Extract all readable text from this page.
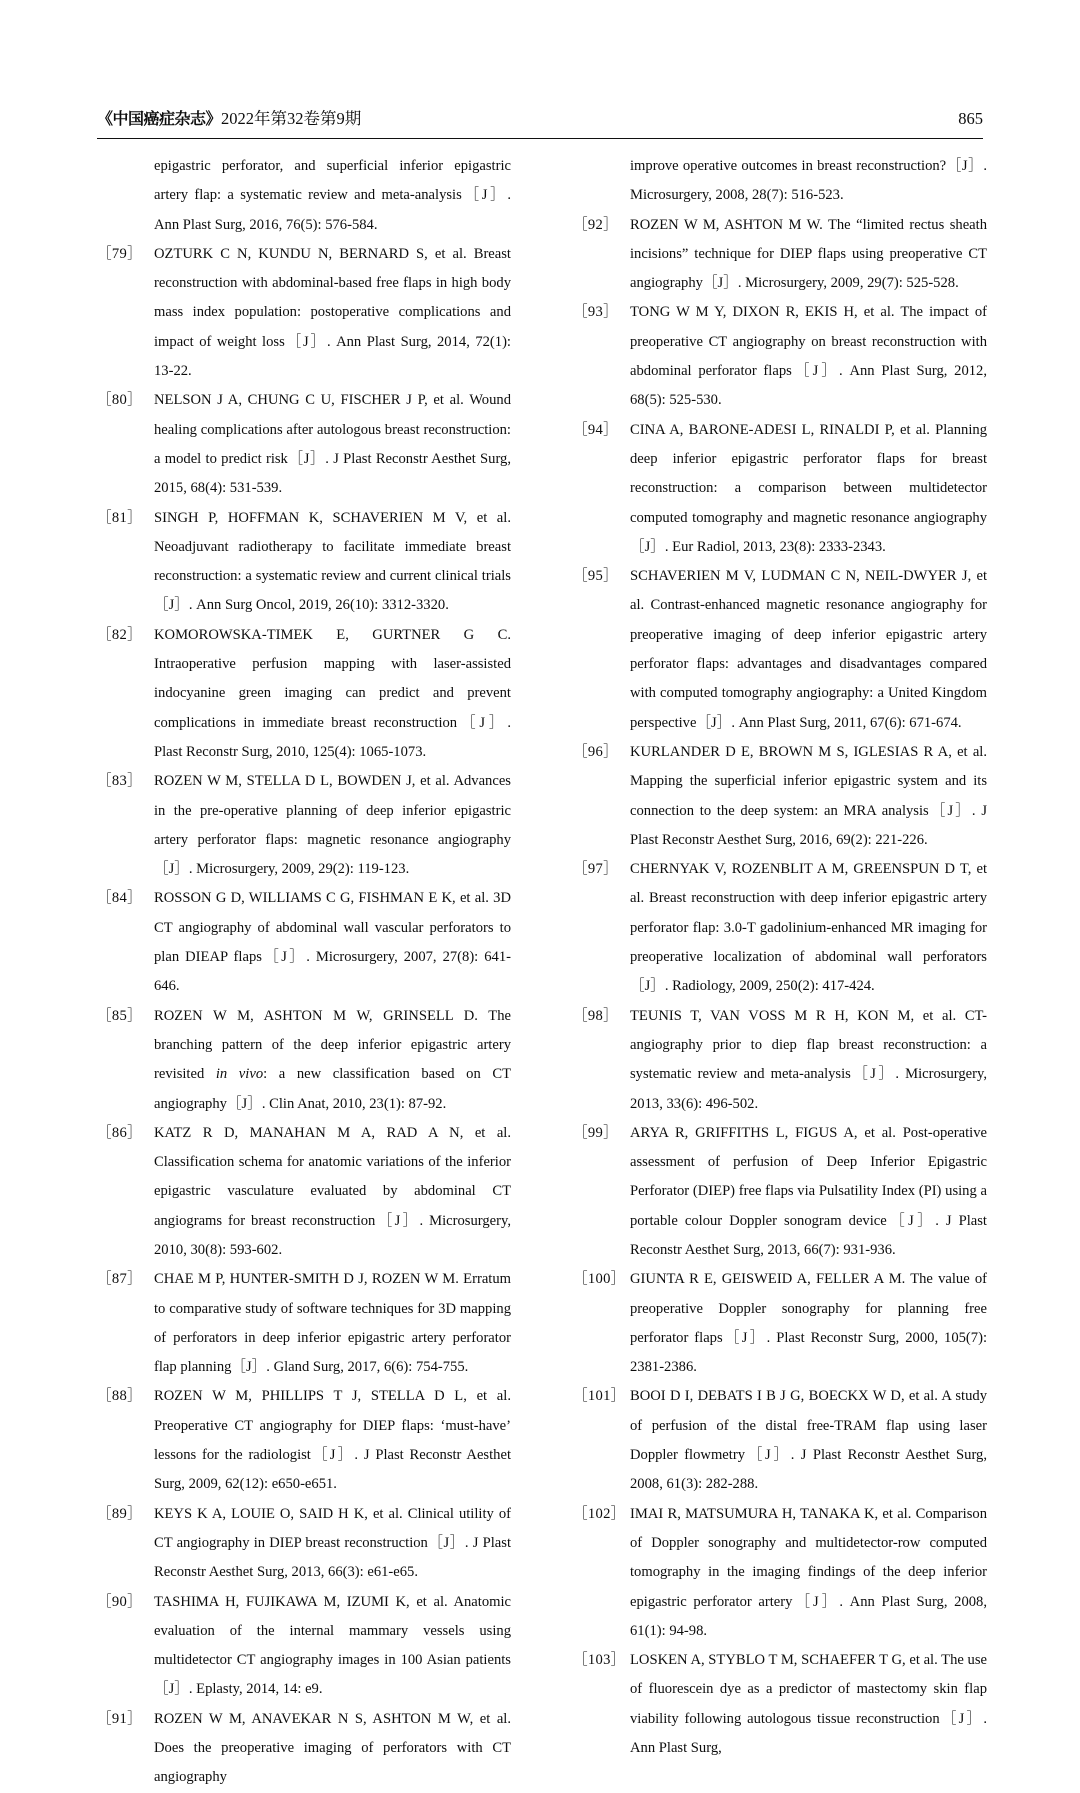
《中国癌症杂志》2022年第32卷第9期	865
epigastric perforator, and superficial inferior epigastric artery flap: a systematic review and meta-analysis［J］. Ann Plast Surg, 2016, 76(5): 576-584.
［79］ OZTURK C N, KUNDU N, BERNARD S, et al. Breast reconstruction with abdominal-based free flaps in high body mass index population: postoperative complications and impact of weight loss［J］. Ann Plast Surg, 2014, 72(1): 13-22.
［80］ NELSON J A, CHUNG C U, FISCHER J P, et al. Wound healing complications after autologous breast reconstruction: a model to predict risk［J］. J Plast Reconstr Aesthet Surg, 2015, 68(4): 531-539.
［81］ SINGH P, HOFFMAN K, SCHAVERIEN M V, et al. Neoadjuvant radiotherapy to facilitate immediate breast reconstruction: a systematic review and current clinical trials ［J］. Ann Surg Oncol, 2019, 26(10): 3312-3320.
［82］ KOMOROWSKA-TIMEK E, GURTNER G C. Intraoperative perfusion mapping with laser-assisted indocyanine green imaging can predict and prevent complications in immediate breast reconstruction［J］. Plast Reconstr Surg, 2010, 125(4): 1065-1073.
［83］ ROZEN W M, STELLA D L, BOWDEN J, et al. Advances in the pre-operative planning of deep inferior epigastric artery perforator flaps: magnetic resonance angiography［J］. Microsurgery, 2009, 29(2): 119-123.
［84］ ROSSON G D, WILLIAMS C G, FISHMAN E K, et al. 3D CT angiography of abdominal wall vascular perforators to plan DIEAP flaps［J］. Microsurgery, 2007, 27(8): 641-646.
［85］ ROZEN W M, ASHTON M W, GRINSELL D. The branching pattern of the deep inferior epigastric artery revisited in vivo: a new classification based on CT angiography［J］. Clin Anat, 2010, 23(1): 87-92.
［86］ KATZ R D, MANAHAN M A, RAD A N, et al. Classification schema for anatomic variations of the inferior epigastric vasculature evaluated by abdominal CT angiograms for breast reconstruction［J］. Microsurgery, 2010, 30(8): 593-602.
［87］ CHAE M P, HUNTER-SMITH D J, ROZEN W M. Erratum to comparative study of software techniques for 3D mapping of perforators in deep inferior epigastric artery perforator flap planning［J］. Gland Surg, 2017, 6(6): 754-755.
［88］ ROZEN W M, PHILLIPS T J, STELLA D L, et al. Preoperative CT angiography for DIEP flaps: ‘must-have’ lessons for the radiologist［J］. J Plast Reconstr Aesthet Surg, 2009, 62(12): e650-e651.
［89］ KEYS K A, LOUIE O, SAID H K, et al. Clinical utility of CT angiography in DIEP breast reconstruction［J］. J Plast Reconstr Aesthet Surg, 2013, 66(3): e61-e65.
［90］ TASHIMA H, FUJIKAWA M, IZUMI K, et al. Anatomic evaluation of the internal mammary vessels using multidetector CT angiography images in 100 Asian patients［J］. Eplasty, 2014, 14: e9.
［91］ ROZEN W M, ANAVEKAR N S, ASHTON M W, et al. Does the preoperative imaging of perforators with CT angiography
improve operative outcomes in breast reconstruction?［J］. Microsurgery, 2008, 28(7): 516-523.
［92］ ROZEN W M, ASHTON M W. The “limited rectus sheath incisions” technique for DIEP flaps using preoperative CT angiography［J］. Microsurgery, 2009, 29(7): 525-528.
［93］ TONG W M Y, DIXON R, EKIS H, et al. The impact of preoperative CT angiography on breast reconstruction with abdominal perforator flaps［J］. Ann Plast Surg, 2012, 68(5): 525-530.
［94］ CINA A, BARONE-ADESI L, RINALDI P, et al. Planning deep inferior epigastric perforator flaps for breast reconstruction: a comparison between multidetector computed tomography and magnetic resonance angiography［J］. Eur Radiol, 2013, 23(8): 2333-2343.
［95］ SCHAVERIEN M V, LUDMAN C N, NEIL-DWYER J, et al. Contrast-enhanced magnetic resonance angiography for preoperative imaging of deep inferior epigastric artery perforator flaps: advantages and disadvantages compared with computed tomography angiography: a United Kingdom perspective［J］. Ann Plast Surg, 2011, 67(6): 671-674.
［96］ KURLANDER D E, BROWN M S, IGLESIAS R A, et al. Mapping the superficial inferior epigastric system and its connection to the deep system: an MRA analysis［J］. J Plast Reconstr Aesthet Surg, 2016, 69(2): 221-226.
［97］ CHERNYAK V, ROZENBLIT A M, GREENSPUN D T, et al. Breast reconstruction with deep inferior epigastric artery perforator flap: 3.0-T gadolinium-enhanced MR imaging for preoperative localization of abdominal wall perforators［J］. Radiology, 2009, 250(2): 417-424.
［98］ TEUNIS T, VAN VOSS M R H, KON M, et al. CT-angiography prior to diep flap breast reconstruction: a systematic review and meta-analysis［J］. Microsurgery, 2013, 33(6): 496-502.
［99］ ARYA R, GRIFFITHS L, FIGUS A, et al. Post-operative assessment of perfusion of Deep Inferior Epigastric Perforator (DIEP) free flaps via Pulsatility Index (PI) using a portable colour Doppler sonogram device［J］. J Plast Reconstr Aesthet Surg, 2013, 66(7): 931-936.
［100］ GIUNTA R E, GEISWEID A, FELLER A M. The value of preoperative Doppler sonography for planning free perforator flaps［J］. Plast Reconstr Surg, 2000, 105(7): 2381-2386.
［101］ BOOI D I, DEBATS I B J G, BOECKX W D, et al. A study of perfusion of the distal free-TRAM flap using laser Doppler flowmetry［J］. J Plast Reconstr Aesthet Surg, 2008, 61(3): 282-288.
［102］ IMAI R, MATSUMURA H, TANAKA K, et al. Comparison of Doppler sonography and multidetector-row computed tomography in the imaging findings of the deep inferior epigastric perforator artery［J］. Ann Plast Surg, 2008, 61(1): 94-98.
［103］ LOSKEN A, STYBLO T M, SCHAEFER T G, et al. The use of fluorescein dye as a predictor of mastectomy skin flap viability following autologous tissue reconstruction［J］. Ann Plast Surg,
